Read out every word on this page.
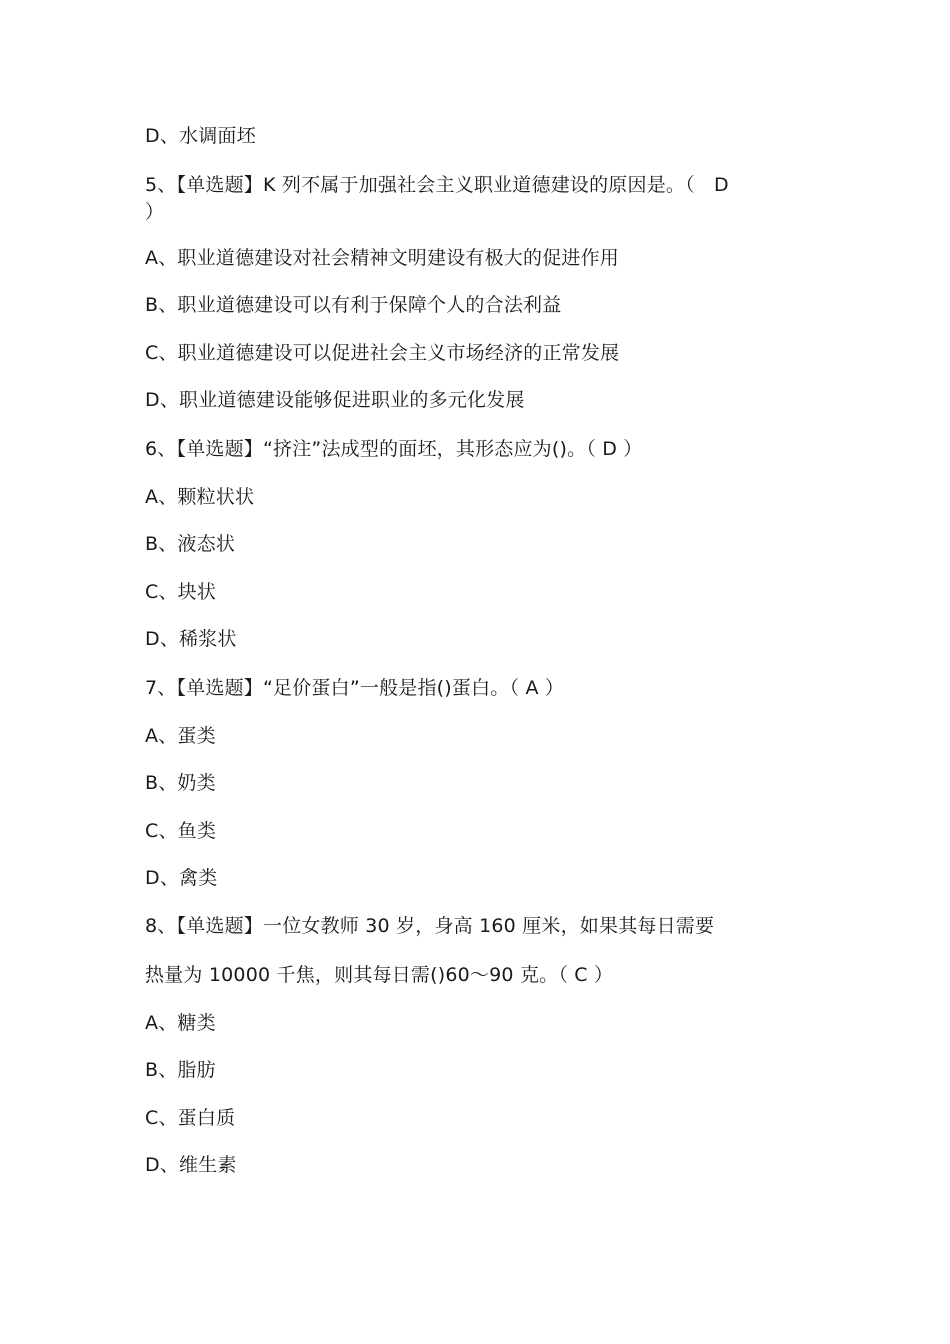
D、水调面坯
5、【单选题】K 列不属于加强社会主义职业道德建设的原因是。（　D
）
A、职业道德建设对社会精神文明建设有极大的促进作用
B、职业道德建设可以有利于保障个人的合法利益
C、职业道德建设可以促进社会主义市场经济的正常发展
D、职业道德建设能够促进职业的多元化发展
6、【单选题】“挤注”法成型的面坯，其形态应为()。（ D ）
A、颗粒状状
B、液态状
C、块状
D、稀浆状
7、【单选题】“足价蛋白”一般是指()蛋白。（ A ）
A、蛋类
B、奶类
C、鱼类
D、禽类
8、【单选题】一位女教师 30 岁，身高 160 厘米，如果其每日需要
热量为 10000 千焦，则其每日需()60～90 克。（ C ）
A、糖类
B、脂肪
C、蛋白质
D、维生素
